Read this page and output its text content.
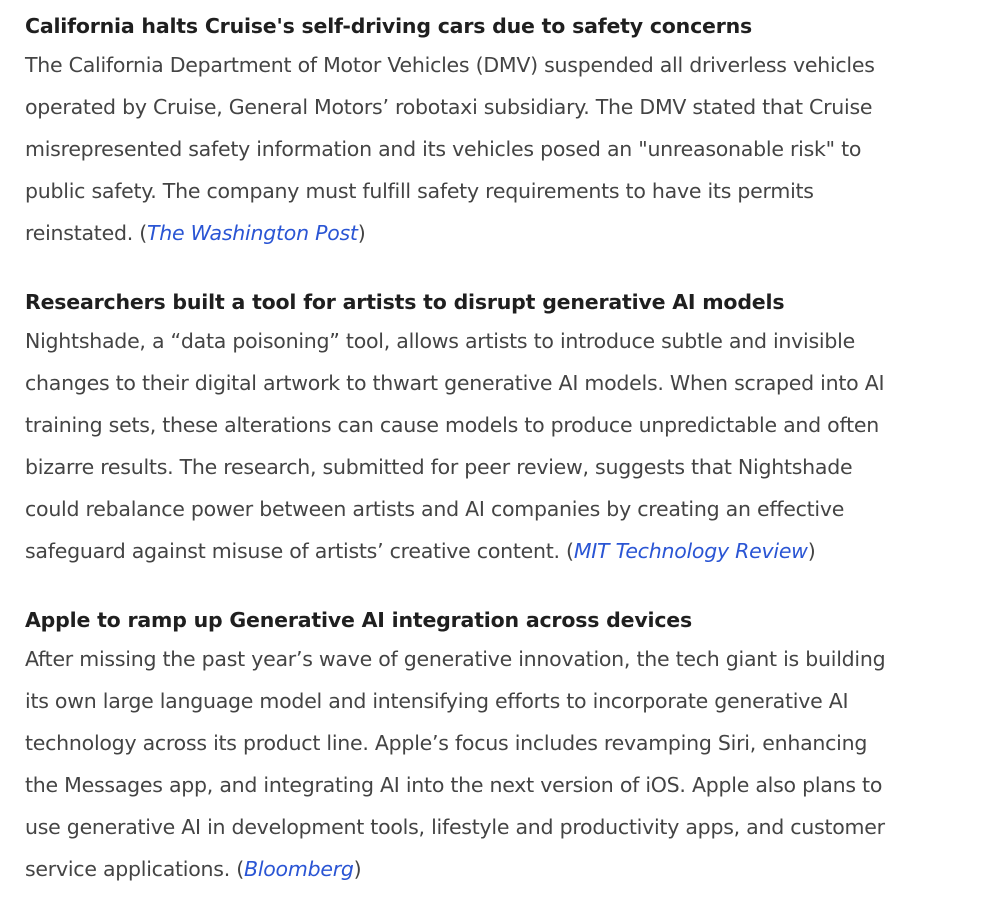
California halts Cruise's self-driving cars due to safety concerns

The California Department of Motor Vehicles (DMV) suspended all driverless vehicles
operated by Cruise, General Motors’ robotaxi subsidiary. The DMV stated that Cruise
misrepresented safety information and its vehicles posed an "unreasonable risk" to
public safety. The company must fulfill safety requirements to have its permits
reinstated. (The Washington Post)

Researchers built a tool for artists to disrupt generative AI models

Nightshade, a “data poisoning” tool, allows artists to introduce subtle and invisible
changes to their digital artwork to thwart generative AI models. When scraped into AI
training sets, these alterations can cause models to produce unpredictable and often
bizarre results. The research, submitted for peer review, suggests that Nightshade
could rebalance power between artists and AI companies by creating an effective
safeguard against misuse of artists’ creative content. (MIT Technology Review)

Apple to ramp up Generative AI integration across devices

After missing the past year’s wave of generative innovation, the tech giant is building
its own large language model and intensifying efforts to incorporate generative AI
technology across its product line. Apple’s focus includes revamping Siri, enhancing
the Messages app, and integrating AI into the next version of iOS. Apple also plans to
use generative AI in development tools, lifestyle and productivity apps, and customer
service applications. (Bloomberg)
